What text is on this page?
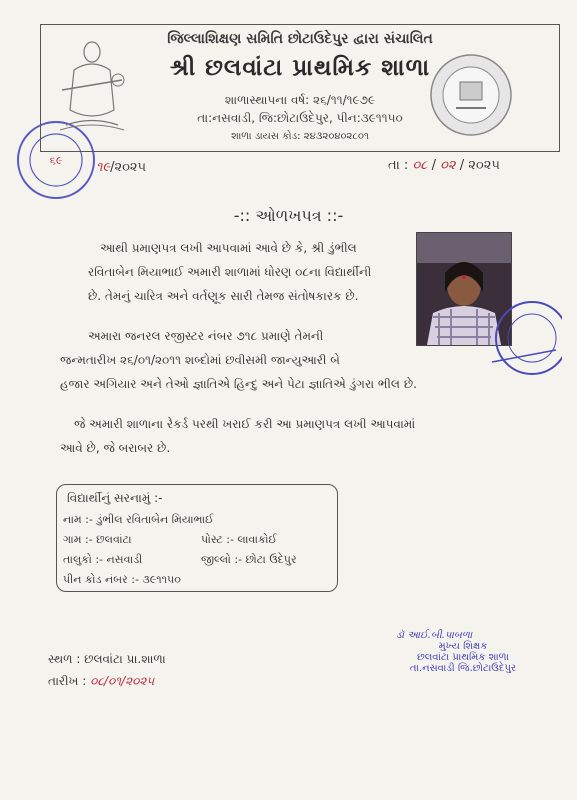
૬૯
જિલ્લાશિક્ષણ સમિતિ છોટાઉદેપુર દ્વારા સંચાલિત
શ્રી છલવાંટા પ્રાથમિક શાળા
શાળાસ્થાપના વર્ષ: ૨૬/૧૧/૧૯૭૯
તા:નસવાડી, જિ:છોટાઉદેપુર, પીન:૩૯૧૧૫૦
શાળા ડાયસ કોડ: ૨૪૩૨૦૪૦૨૮૦૧
૧૯/૨૦૨૫	તા : ૦૮ / ૦૨ / ૨૦૨૫
-:: ઓળખપત્ર ::-
આથી પ્રમાણપત્ર લખી આપવામાં આવે છે કે, શ્રી ડુંભીલ
રવિતાબેન મિયાભાઈ અમારી શાળામાં ધોરણ ૦૮ના વિદ્યાર્થીની
છે. તેમનું ચારિત્ર અને વર્તણૂક સારી તેમજ સંતોષકારક છે.
અમારા જનરલ રજીસ્ટર નંબર ૭૧૮ પ્રમાણે તેમની
જન્મતારીખ ૨૬/૦૧/૨૦૧૧ શબ્દોમાં છવીસમી જાન્યુઆરી બે
હજાર અગિયાર અને તેઓ જ્ઞાતિએ હિન્દુ અને પેટા જ્ઞાતિએ ડુંગરા ભીલ છે.
જે અમારી શાળાના રેકર્ડ પરથી ખરાઈ કરી આ પ્રમાણપત્ર લખી આપવામાં
આવે છે, જે બરાબર છે.
વિદ્યાર્થીનું સરનામું :-
નામ :- ડુંભીલ રવિતાબેન મિયાભાઈ
ગામ :- છલવાંટા	પોસ્ટ :- લાવાકોઈ
તાલુકો :- નસવાડી	જીલ્લો :- છોટા ઉદેપુર
પીન કોડ નંબર :- ૩૯૧૧૫૦
સ્થળ : છલવાંટા પ્રા.શાળા
તારીખ : ૦૮/૦૧/૨૦૨૫
ડૉ આઈ.બી.પાબળા
મુખ્ય શિક્ષક
છલવાંટા પ્રાથમિક શાળા
તા.નસવાડી જિ.છોટાઉદેપુર
